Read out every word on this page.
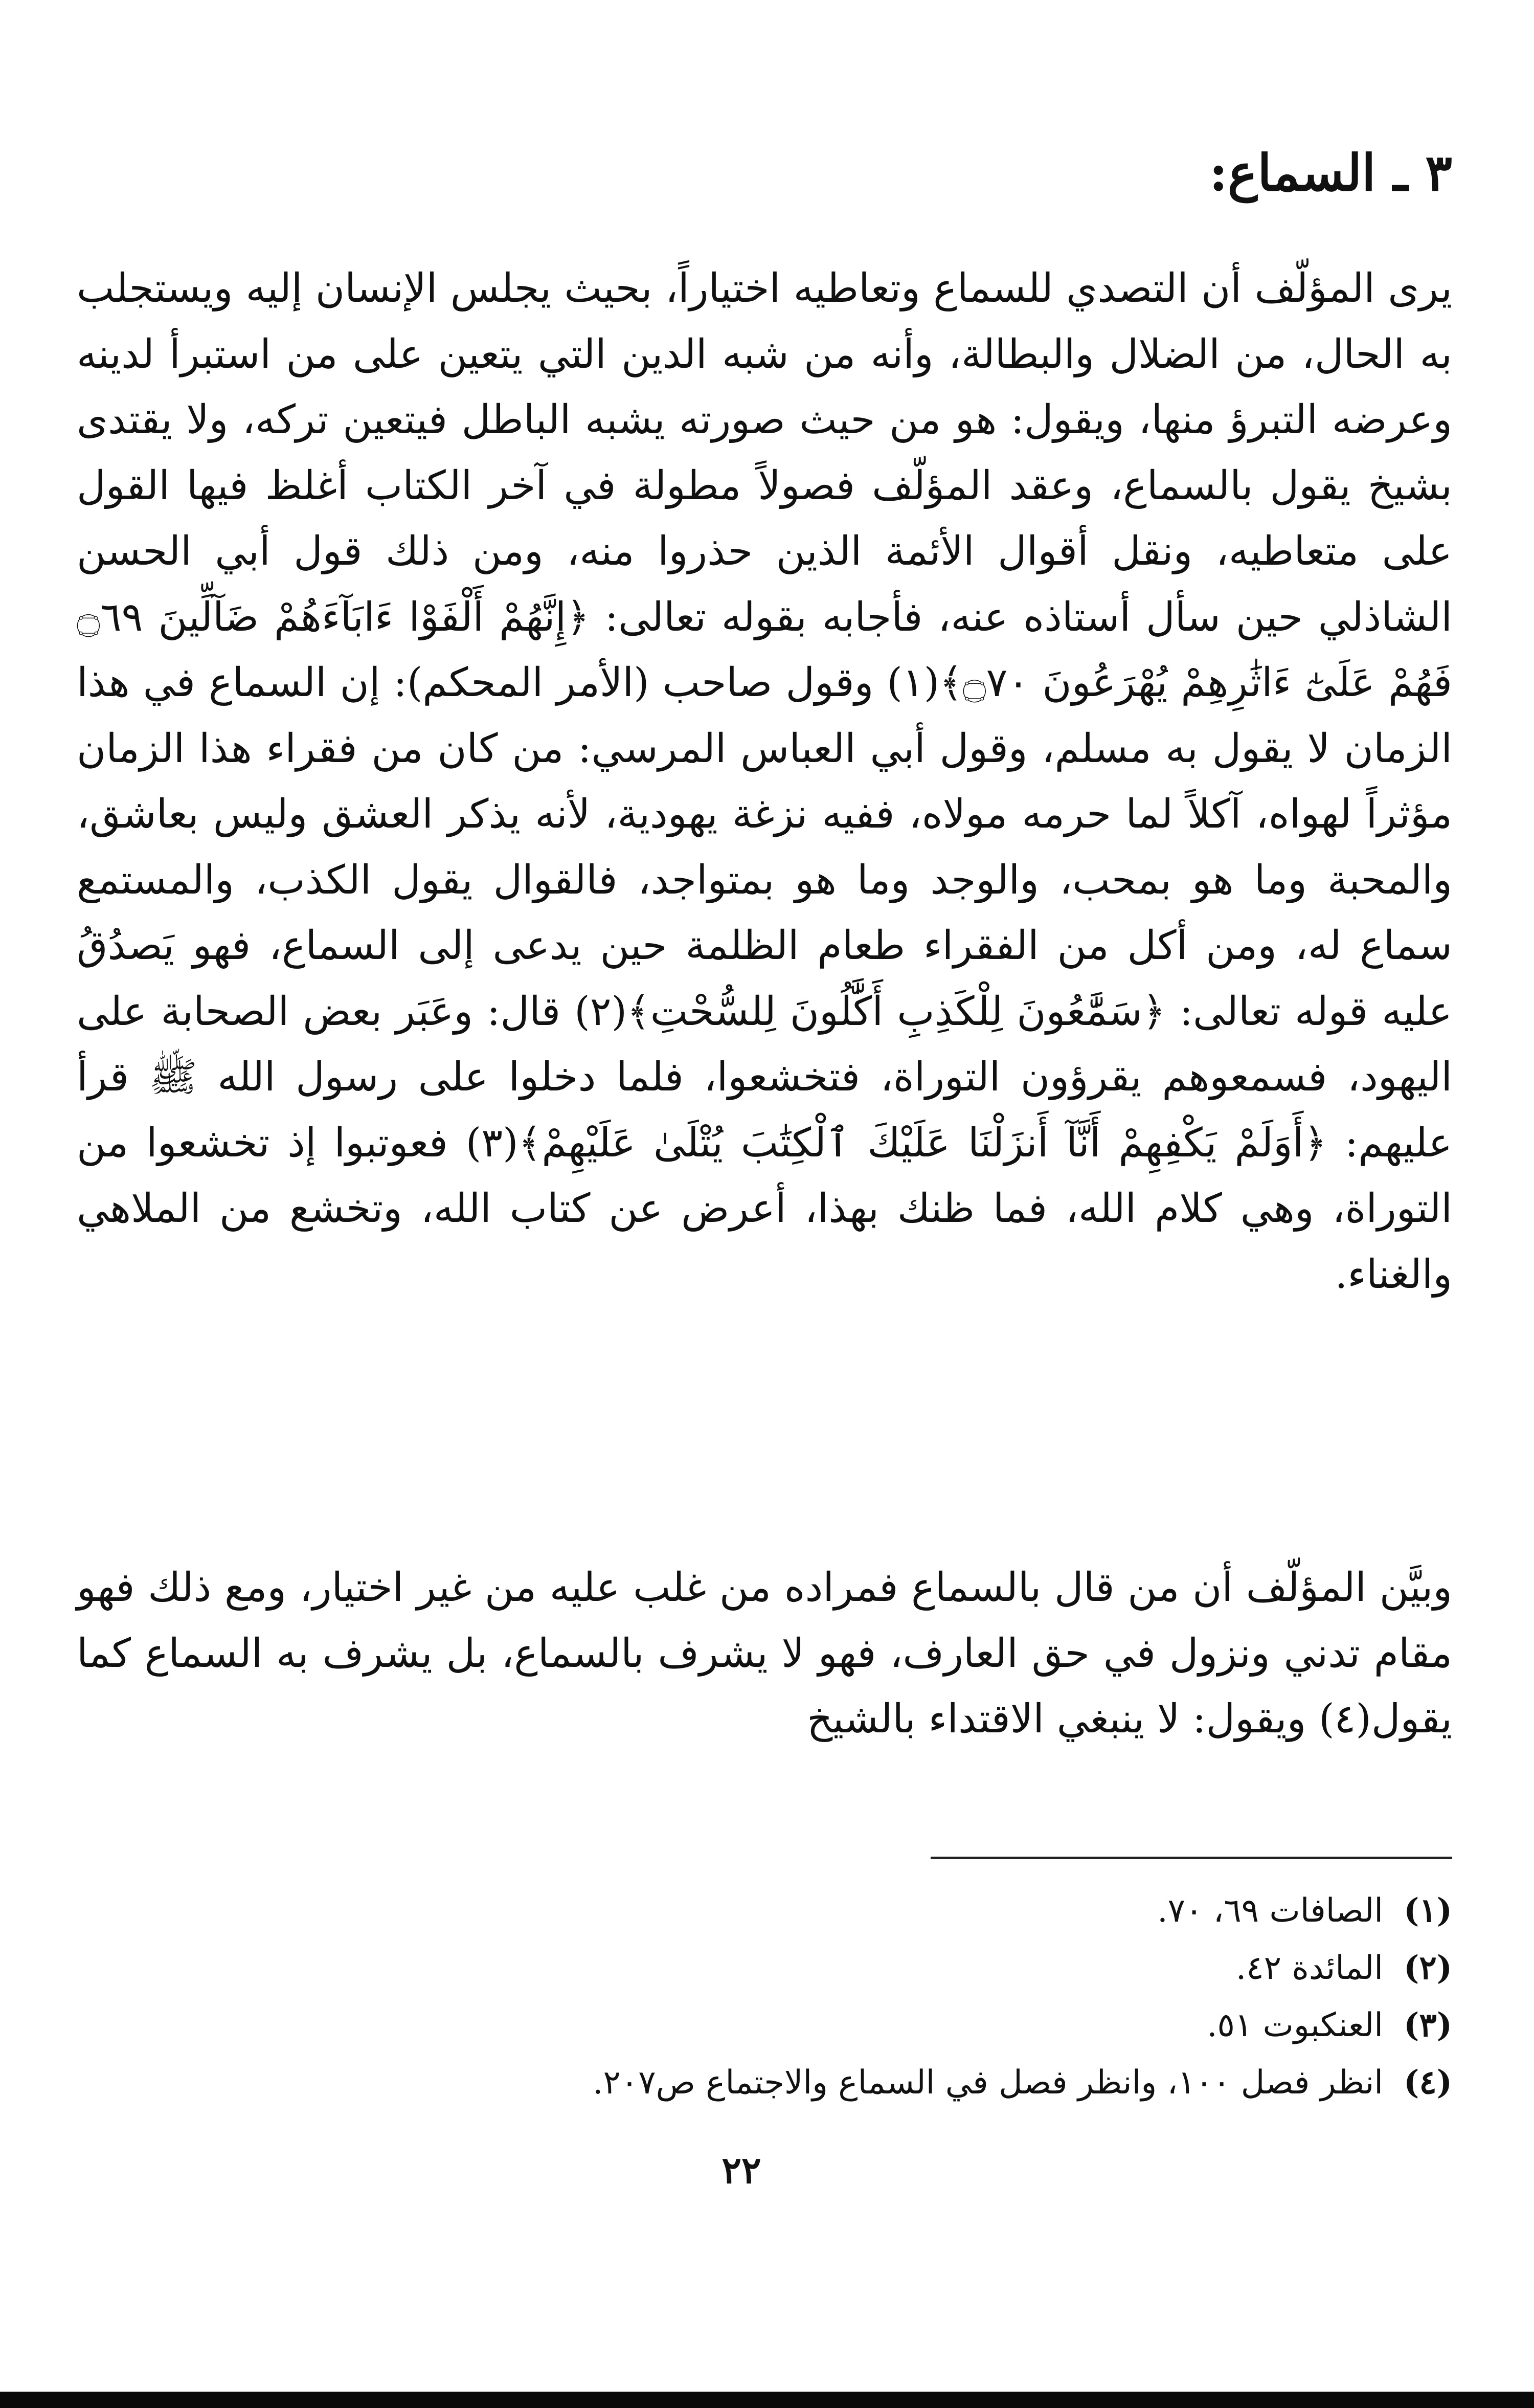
٣ ـ السماع:

يرى المؤلّف أن التصدي للسماع وتعاطيه اختياراً، بحيث يجلس الإنسان إليه ويستجلب به الحال، من الضلال والبطالة، وأنه من شبه الدين التي يتعين على من استبرأ لدينه وعرضه التبرؤ منها، ويقول: هو من حيث صورته يشبه الباطل فيتعين تركه، ولا يقتدى بشيخ يقول بالسماع، وعقد المؤلّف فصولاً مطولة في آخر الكتاب أغلظ فيها القول على متعاطيه، ونقل أقوال الأئمة الذين حذروا منه، ومن ذلك قول أبي الحسن الشاذلي حين سأل أستاذه عنه، فأجابه بقوله تعالى: ﴿إِنَّهُمْ أَلْفَوْا ءَابَآءَهُمْ ضَآلِّينَ ۝٦٩ فَهُمْ عَلَىٰٓ ءَاثَٰرِهِمْ يُهْرَعُونَ ۝٧٠﴾(١) وقول صاحب (الأمر المحكم): إن السماع في هذا الزمان لا يقول به مسلم، وقول أبي العباس المرسي: من كان من فقراء هذا الزمان مؤثراً لهواه، آكلاً لما حرمه مولاه، ففيه نزغة يهودية، لأنه يذكر العشق وليس بعاشق، والمحبة وما هو بمحب، والوجد وما هو بمتواجد، فالقوال يقول الكذب، والمستمع سماع له، ومن أكل من الفقراء طعام الظلمة حين يدعى إلى السماع، فهو يَصدُقُ عليه قوله تعالى: ﴿سَمَّٰعُونَ لِلْكَذِبِ أَكَّٰلُونَ لِلسُّحْتِ﴾(٢) قال: وعَبَر بعض الصحابة على اليهود، فسمعوهم يقرؤون التوراة، فتخشعوا، فلما دخلوا على رسول الله ﷺ قرأ عليهم: ﴿أَوَلَمْ يَكْفِهِمْ أَنَّآ أَنزَلْنَا عَلَيْكَ ٱلْكِتَٰبَ يُتْلَىٰ عَلَيْهِمْ﴾(٣) فعوتبوا إذ تخشعوا من التوراة، وهي كلام الله، فما ظنك بهذا، أعرض عن كتاب الله، وتخشع من الملاهي والغناء.

وبيَّن المؤلّف أن من قال بالسماع فمراده من غلب عليه من غير اختيار، ومع ذلك فهو مقام تدني ونزول في حق العارف، فهو لا يشرف بالسماع، بل يشرف به السماع كما يقول(٤) ويقول: لا ينبغي الاقتداء بالشيخ

(١)الصافات ٦٩، ٧٠.
(٢)المائدة ٤٢.
(٣)العنكبوت ٥١.
(٤)انظر فصل ١٠٠، وانظر فصل في السماع والاجتماع ص٢٠٧.
٢٢
